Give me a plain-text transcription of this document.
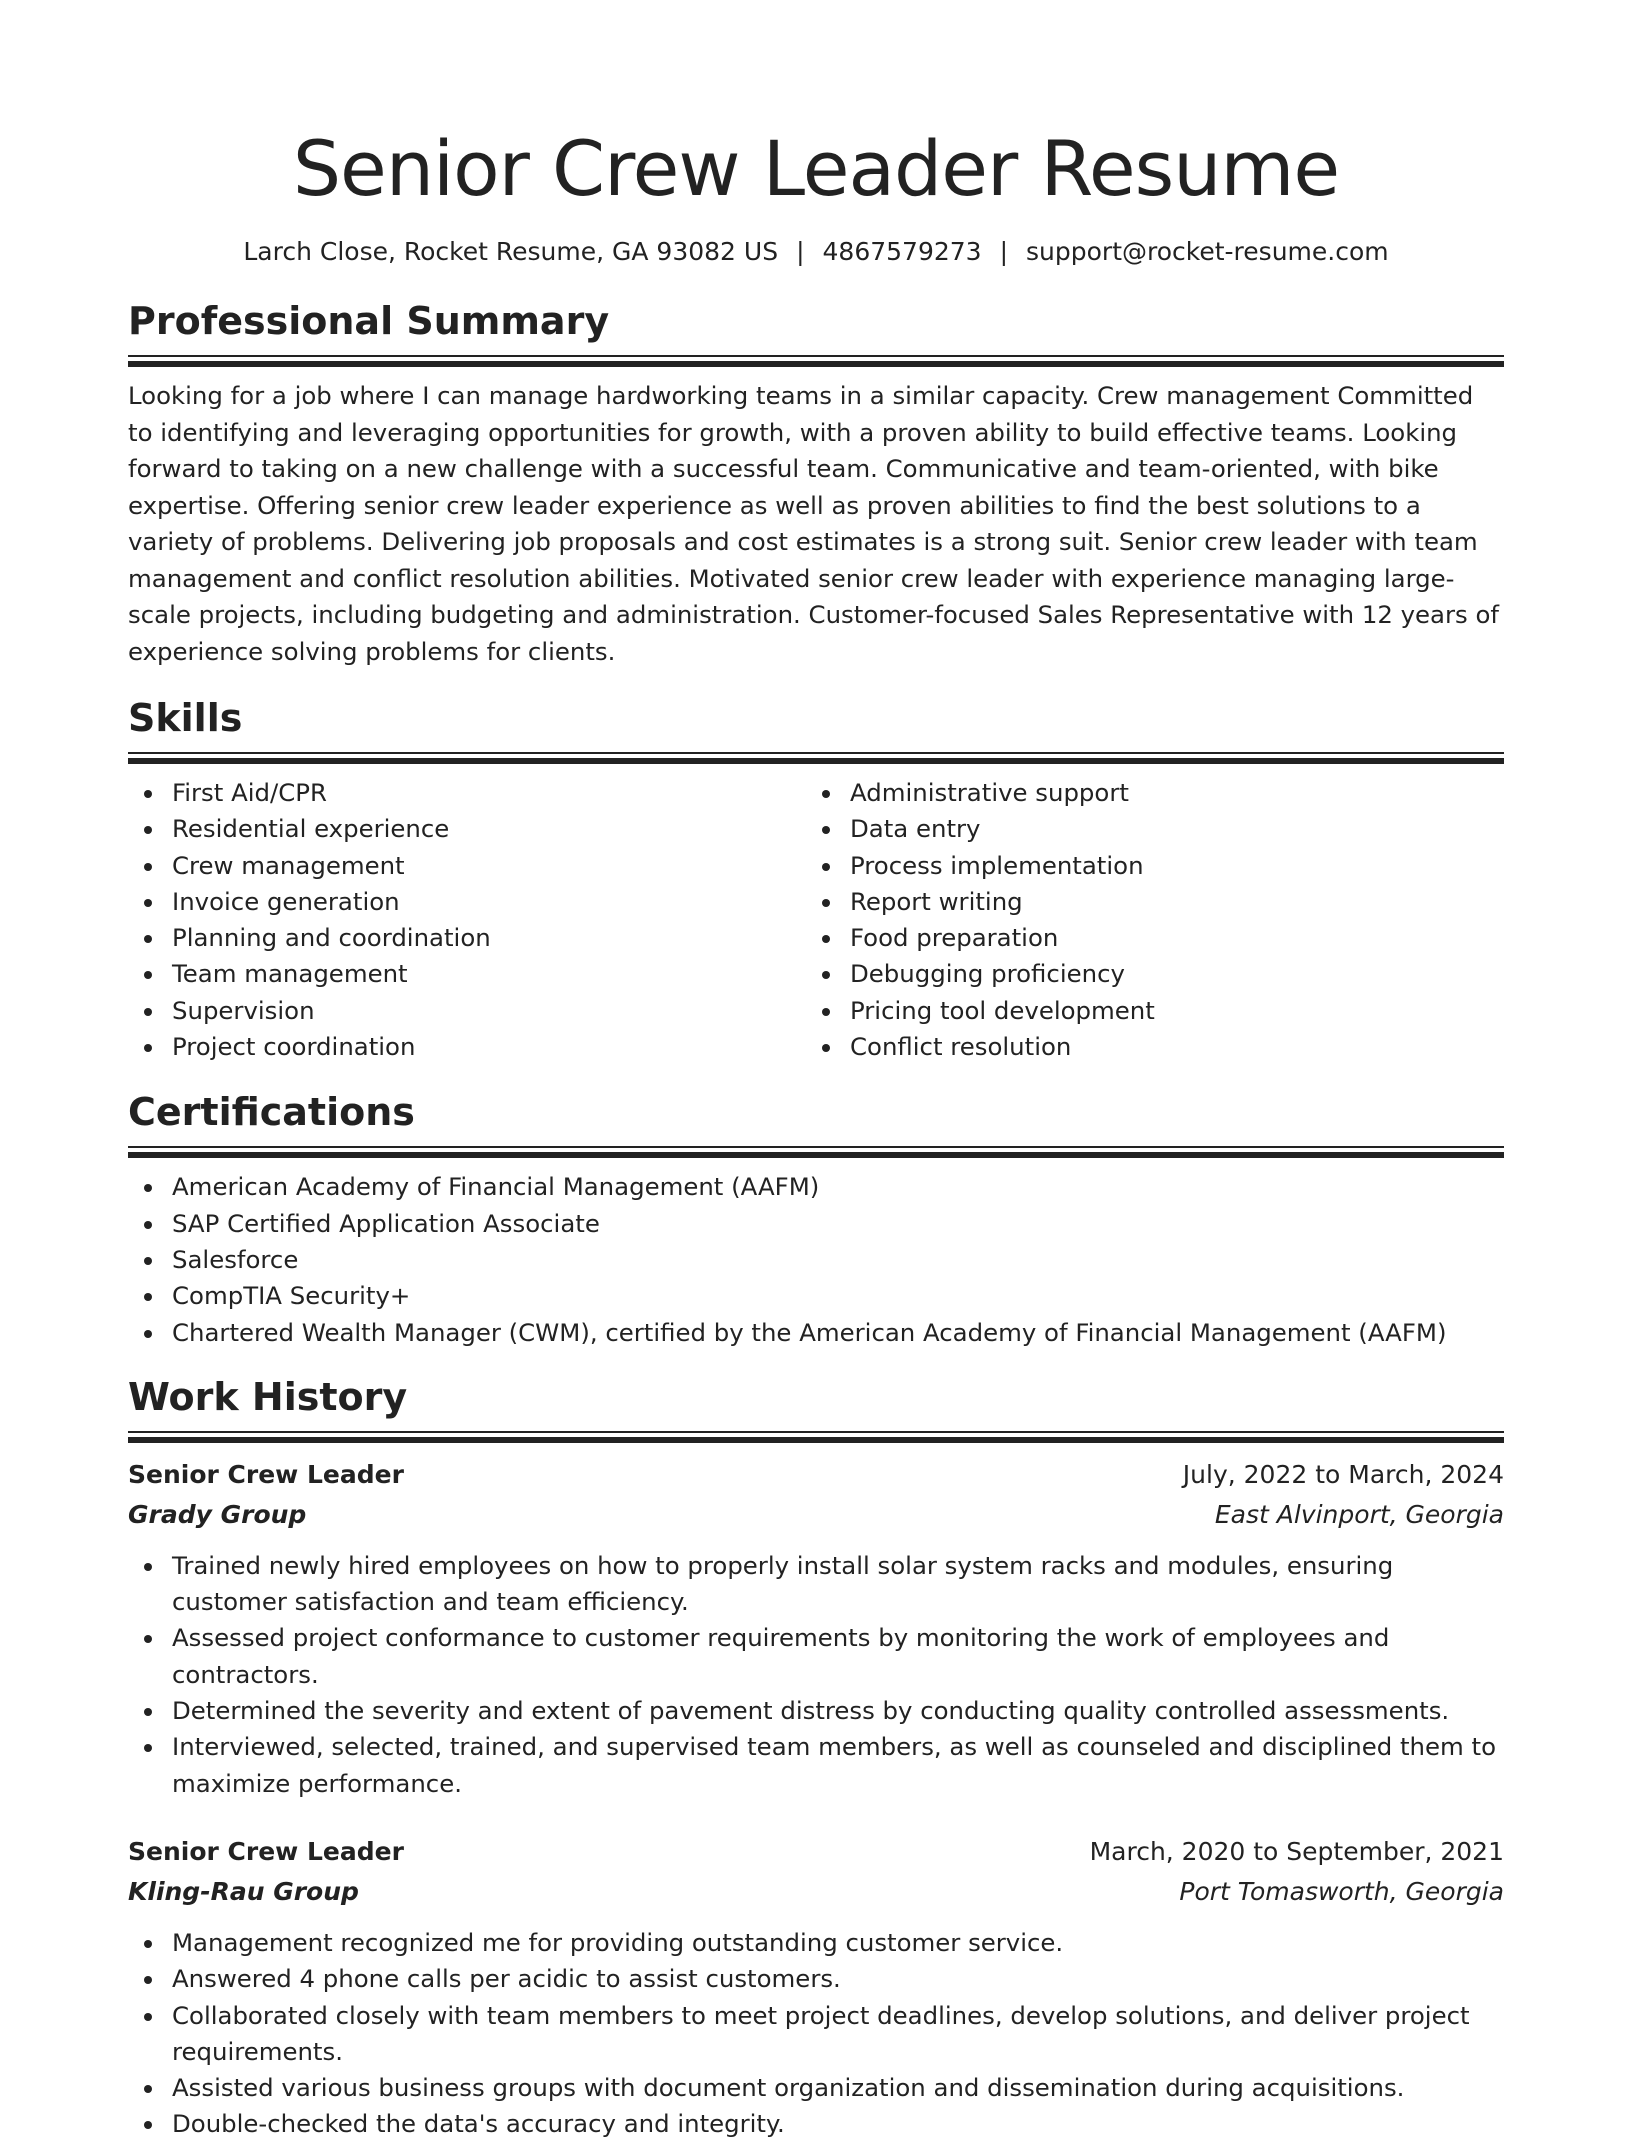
Senior Crew Leader Resume
Larch Close, Rocket Resume, GA 93082 US | 4867579273 | support@rocket-resume.com
Professional Summary

Looking for a job where I can manage hardworking teams in a similar capacity. Crew management Committed to identifying and leveraging opportunities for growth, with a proven ability to build effective teams. Looking forward to taking on a new challenge with a successful team. Communicative and team-oriented, with bike expertise. Offering senior crew leader experience as well as proven abilities to find the best solutions to a variety of problems. Delivering job proposals and cost estimates is a strong suit. Senior crew leader with team management and conflict resolution abilities. Motivated senior crew leader with experience managing large-scale projects, including budgeting and administration. Customer-focused Sales Representative with 12 years of experience solving problems for clients.

Skills
First Aid/CPR
Residential experience
Crew management
Invoice generation
Planning and coordination
Team management
Supervision
Project coordination
Administrative support
Data entry
Process implementation
Report writing
Food preparation
Debugging proficiency
Pricing tool development
Conflict resolution
Certifications
American Academy of Financial Management (AAFM)
SAP Certified Application Associate
Salesforce
CompTIA Security+
Chartered Wealth Manager (CWM), certified by the American Academy of Financial Management (AAFM)
Work History
Senior Crew Leader	July, 2022 to March, 2024
Grady Group	East Alvinport, Georgia
Trained newly hired employees on how to properly install solar system racks and modules, ensuring customer satisfaction and team efficiency.
Assessed project conformance to customer requirements by monitoring the work of employees and contractors.
Determined the severity and extent of pavement distress by conducting quality controlled assessments.
Interviewed, selected, trained, and supervised team members, as well as counseled and disciplined them to maximize performance.
Senior Crew Leader	March, 2020 to September, 2021
Kling-Rau Group	Port Tomasworth, Georgia
Management recognized me for providing outstanding customer service.
Answered 4 phone calls per acidic to assist customers.
Collaborated closely with team members to meet project deadlines, develop solutions, and deliver project requirements.
Assisted various business groups with document organization and dissemination during acquisitions.
Double-checked the data's accuracy and integrity.
